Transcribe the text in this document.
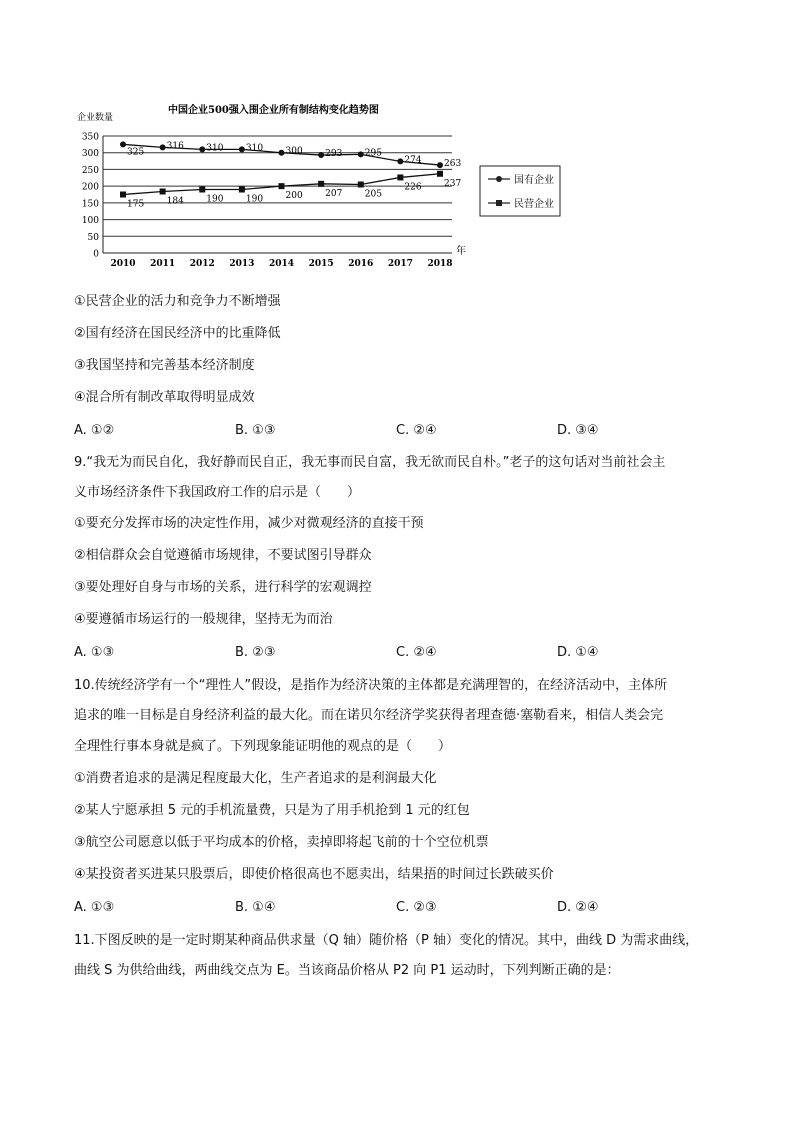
中国企业500强入围企业所有制结构变化趋势图
企业数量
年
0
50
100
150
200
250
300
350
2010 2011 2012 2013 2014 2015 2016 2017 2018
325
316 310 310 300 293 295
274 263
175 184 190 190 200 207 205
226 237	国有企业
民营企业
①民营企业的活力和竞争力不断增强
②国有经济在国民经济中的比重降低
③我国坚持和完善基本经济制度
④混合所有制改革取得明显成效
A. ①②	B. ①③	C. ②④	D. ③④
9.“我无为而民自化，我好静而民自正，我无事而民自富，我无欲而民自朴。”老子的这句话对当前社会主
义市场经济条件下我国政府工作的启示是（　　）
①要充分发挥市场的决定性作用，减少对微观经济的直接干预
②相信群众会自觉遵循市场规律，不要试图引导群众
③要处理好自身与市场的关系，进行科学的宏观调控
④要遵循市场运行的一般规律，坚持无为而治
A. ①③	B. ②③	C. ②④	D. ①④
10.传统经济学有一个“理性人”假设，是指作为经济决策的主体都是充满理智的，在经济活动中，主体所
追求的唯一目标是自身经济利益的最大化。而在诺贝尔经济学奖获得者理查德·塞勒看来，相信人类会完
全理性行事本身就是疯了。下列现象能证明他的观点的是（　　）
①消费者追求的是满足程度最大化，生产者追求的是利润最大化
②某人宁愿承担 5 元的手机流量费，只是为了用手机抢到 1 元的红包
③航空公司愿意以低于平均成本的价格，卖掉即将起飞前的十个空位机票
④某投资者买进某只股票后，即使价格很高也不愿卖出，结果捂的时间过长跌破买价
A. ①③	B. ①④	C. ②③	D. ②④
11.下图反映的是一定时期某种商品供求量（Q 轴）随价格（P 轴）变化的情况。其中，曲线 D 为需求曲线，
曲线 S 为供给曲线，两曲线交点为 E。当该商品价格从 P2 向 P1 运动时，下列判断正确的是：
